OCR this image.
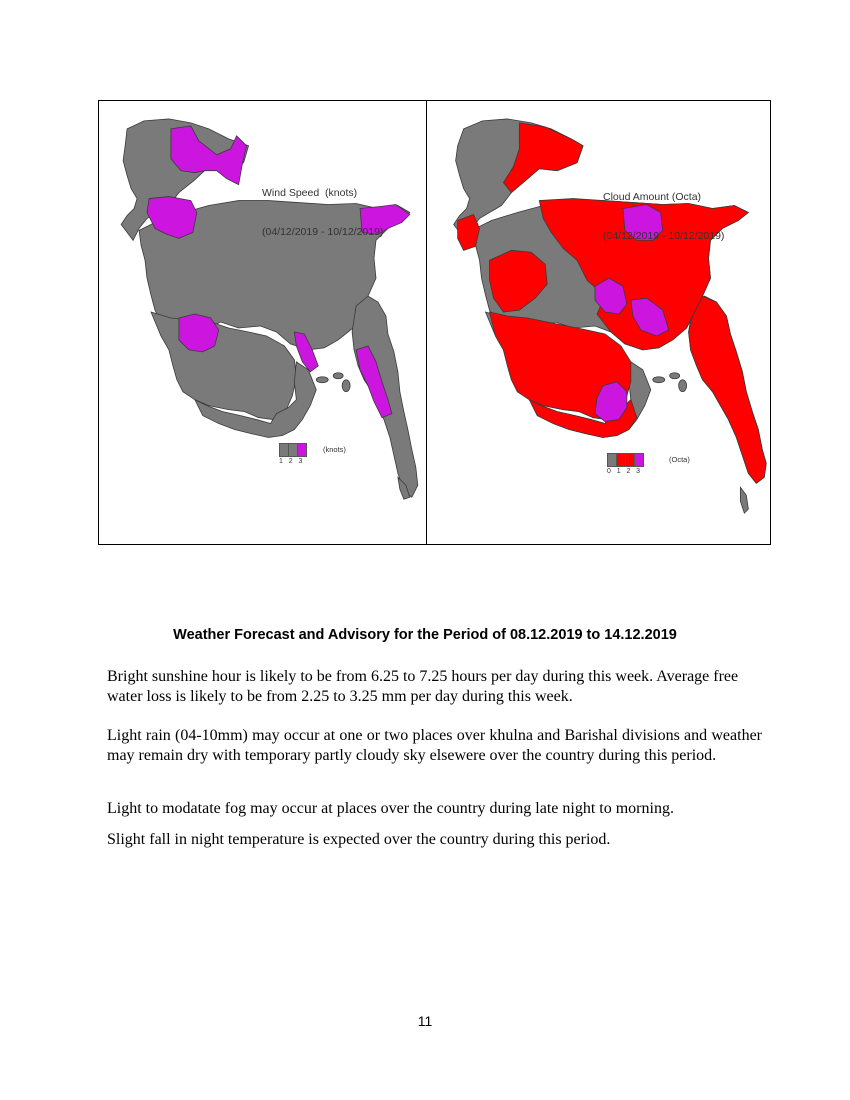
Wind Speed  (knots)

(04/12/2019 - 10/12/2019)

(knots)
1   2   3

Cloud Amount (Octa)

(04/12/2019 - 10/12/2019)

(Octa)
0   1   2   3
Weather Forecast and Advisory for the Period of 08.12.2019 to 14.12.2019
Bright sunshine hour is likely to be from 6.25 to 7.25 hours per day during this week. Average free water loss is likely to be from 2.25 to 3.25 mm per day during this week.
Light rain (04-10mm) may occur at one or two places over khulna and Barishal divisions and weather may remain dry with temporary partly cloudy sky elsewere over the country during this period.
Light to modatate fog may occur at places over the country during late night to morning.
Slight fall in night temperature is expected over the country during this period.
11
